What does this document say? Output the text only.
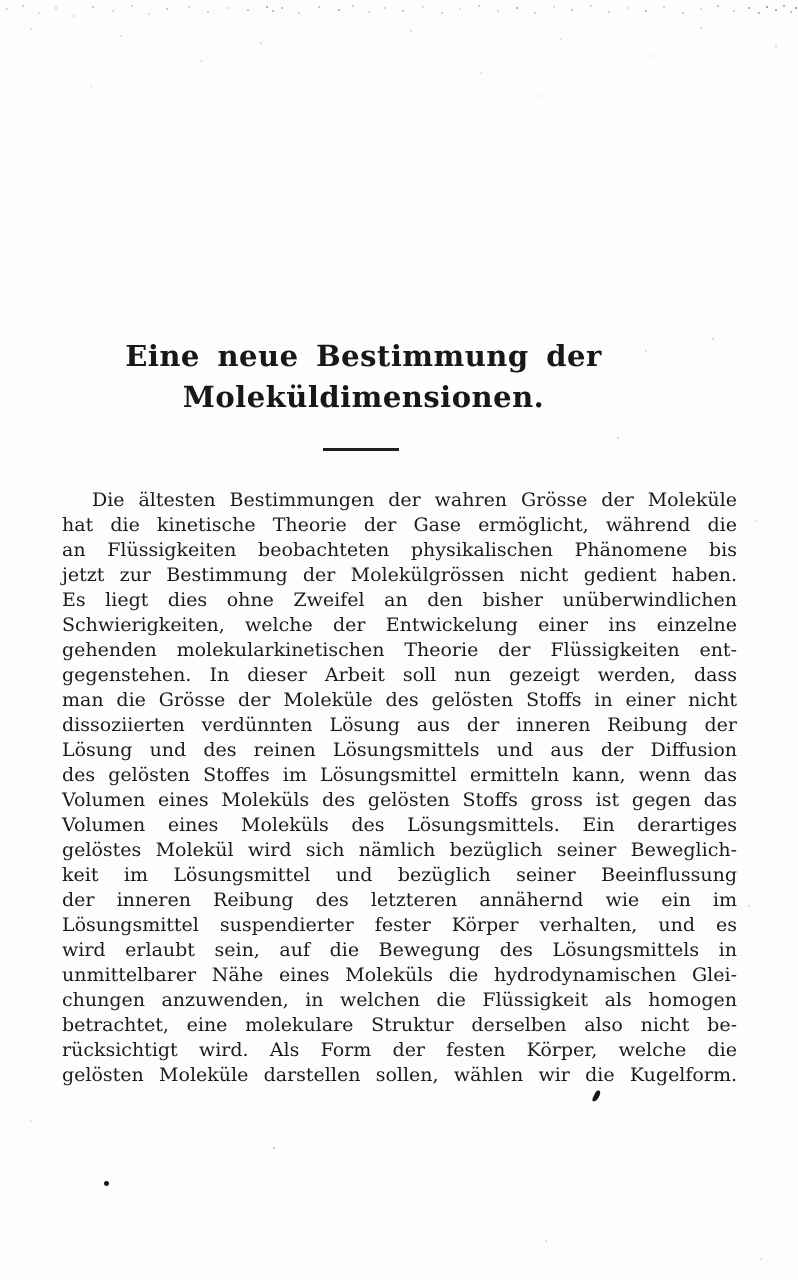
Eine neue Bestimmung der
Moleküldimensionen.
Die ältesten Bestimmungen der wahren Grösse der Moleküle
hat die kinetische Theorie der Gase ermöglicht, während die
an Flüssigkeiten beobachteten physikalischen Phänomene bis
jetzt zur Bestimmung der Molekülgrössen nicht gedient haben.
Es liegt dies ohne Zweifel an den bisher unüberwindlichen
Schwierigkeiten, welche der Entwickelung einer ins einzelne
gehenden molekularkinetischen Theorie der Flüssigkeiten ent-
gegenstehen. In dieser Arbeit soll nun gezeigt werden, dass
man die Grösse der Moleküle des gelösten Stoffs in einer nicht
dissoziierten verdünnten Lösung aus der inneren Reibung der
Lösung und des reinen Lösungsmittels und aus der Diffusion
des gelösten Stoffes im Lösungsmittel ermitteln kann, wenn das
Volumen eines Moleküls des gelösten Stoffs gross ist gegen das
Volumen eines Moleküls des Lösungsmittels. Ein derartiges
gelöstes Molekül wird sich nämlich bezüglich seiner Beweglich-
keit im Lösungsmittel und bezüglich seiner Beeinflussung
der inneren Reibung des letzteren annähernd wie ein im
Lösungsmittel suspendierter fester Körper verhalten, und es
wird erlaubt sein, auf die Bewegung des Lösungsmittels in
unmittelbarer Nähe eines Moleküls die hydrodynamischen Glei-
chungen anzuwenden, in welchen die Flüssigkeit als homogen
betrachtet, eine molekulare Struktur derselben also nicht be-
rücksichtigt wird. Als Form der festen Körper, welche die
gelösten Moleküle darstellen sollen, wählen wir die Kugelform.
